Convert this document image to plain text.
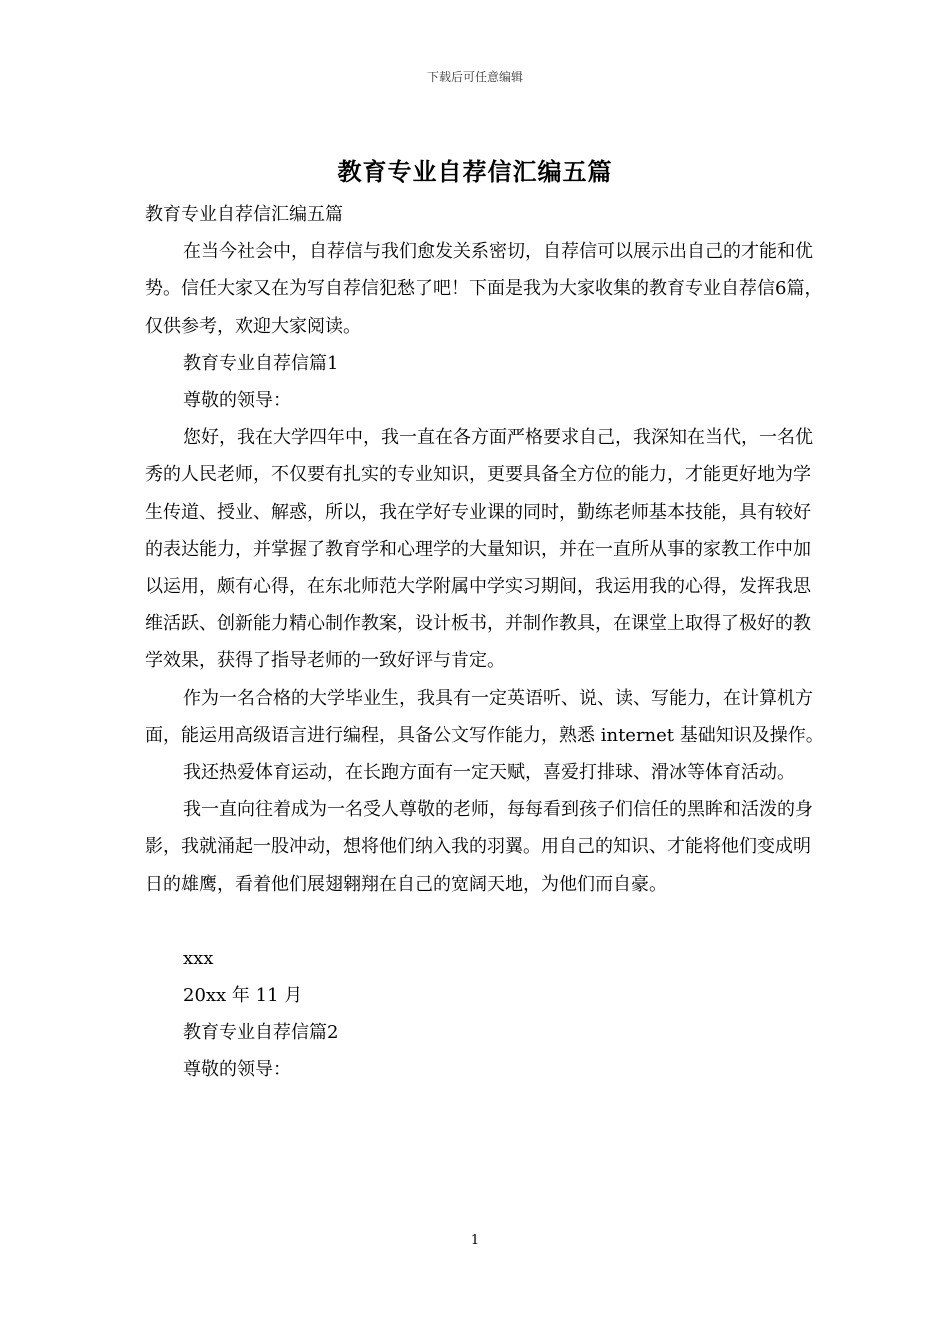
下载后可任意编辑
教育专业自荐信汇编五篇

教育专业自荐信汇编五篇

在当今社会中，自荐信与我们愈发关系密切，自荐信可以展示出自己的才能和优势。信任大家又在为写自荐信犯愁了吧！下面是我为大家收集的教育专业自荐信6篇，仅供参考，欢迎大家阅读。

教育专业自荐信篇1

尊敬的领导：

您好，我在大学四年中，我一直在各方面严格要求自己，我深知在当代，一名优秀的人民老师，不仅要有扎实的专业知识，更要具备全方位的能力，才能更好地为学生传道、授业、解惑，所以，我在学好专业课的同时，勤练老师基本技能，具有较好的表达能力，并掌握了教育学和心理学的大量知识，并在一直所从事的家教工作中加以运用，颇有心得，在东北师范大学附属中学实习期间，我运用我的心得，发挥我思维活跃、创新能力精心制作教案，设计板书，并制作教具，在课堂上取得了极好的教学效果，获得了指导老师的一致好评与肯定。

作为一名合格的大学毕业生，我具有一定英语听、说、读、写能力，在计算机方面，能运用高级语言进行编程，具备公文写作能力，熟悉 internet 基础知识及操作。

我还热爱体育运动，在长跑方面有一定天赋，喜爱打排球、滑冰等体育活动。

我一直向往着成为一名受人尊敬的老师，每每看到孩子们信任的黑眸和活泼的身影，我就涌起一股冲动，想将他们纳入我的羽翼。用自己的知识、才能将他们变成明日的雄鹰，看着他们展翅翱翔在自己的宽阔天地，为他们而自豪。

xxx

20xx 年 11 月

教育专业自荐信篇2

尊敬的领导：

1
